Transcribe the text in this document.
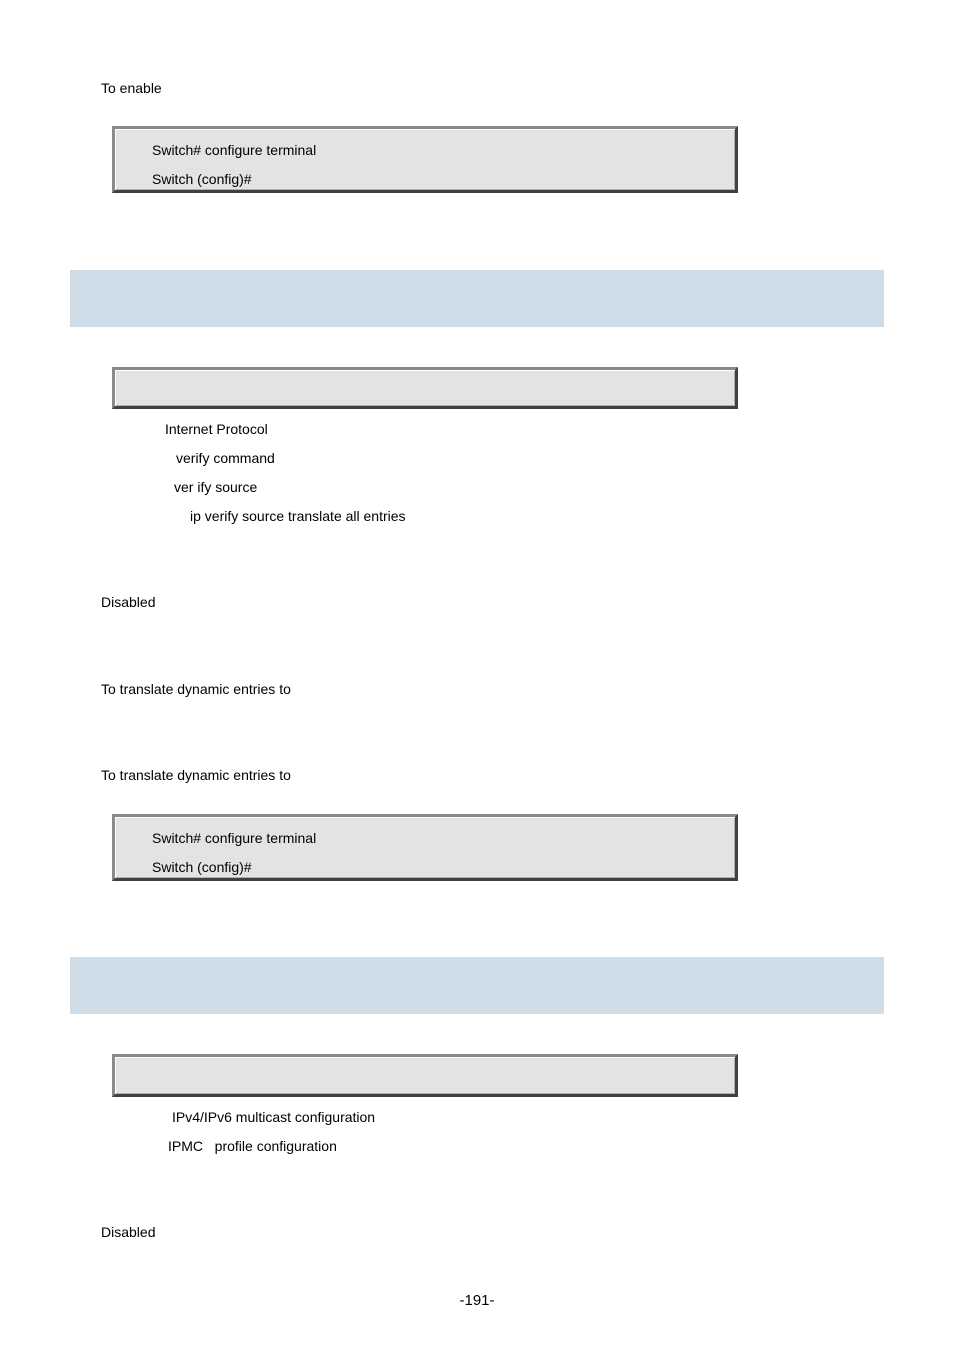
To enable
Switch# configure terminal
Switch (config)#
Internet Protocol
verify command
ver ify source
ip verify source translate all entries
Disabled
To translate dynamic entries to
To translate dynamic entries to
Switch# configure terminal
Switch (config)#
IPv4/IPv6 multicast configuration
IPMC   profile configuration
Disabled
-191-
